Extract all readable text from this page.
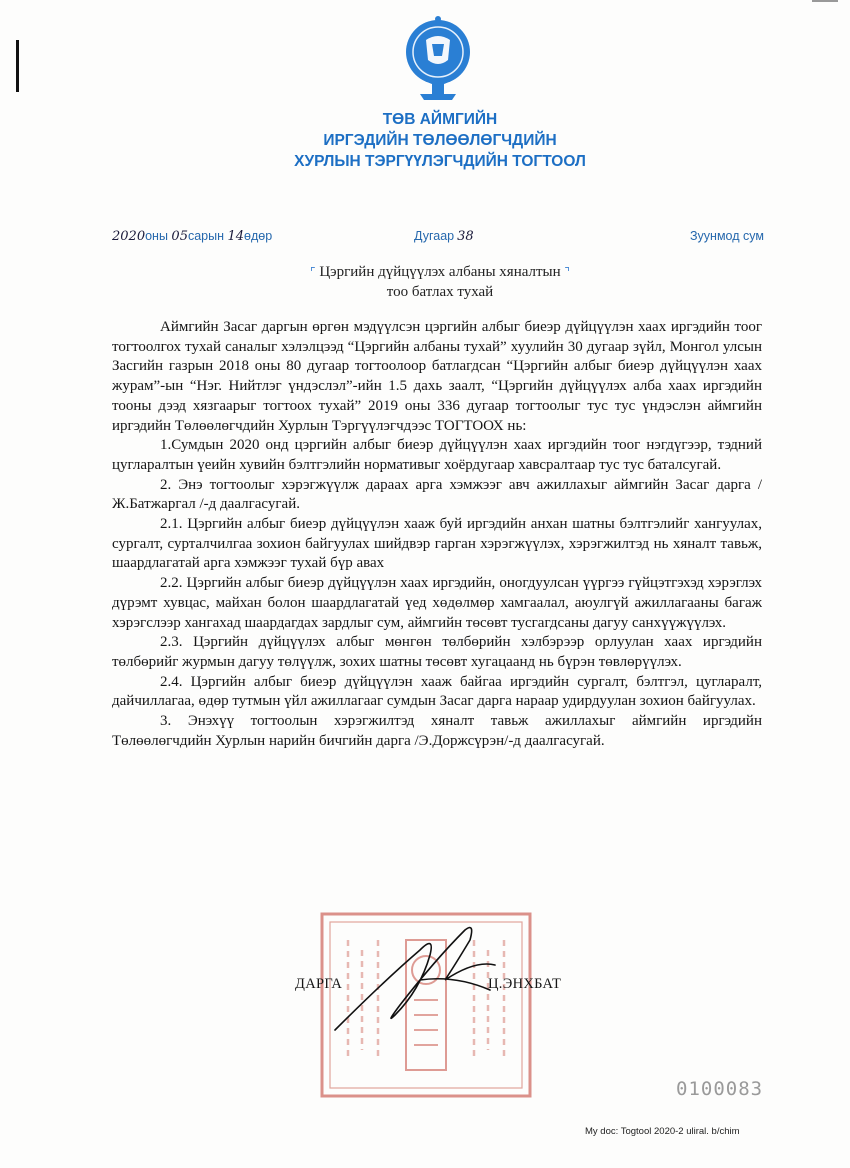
ТӨВ АЙМГИЙН
ИРГЭДИЙН ТӨЛӨӨЛӨГЧДИЙН
ХУРЛЫН ТЭРГҮҮЛЭГЧДИЙН ТОГТООЛ
2020оны 05сарын 14өдөр	Дугаар 38	Зуунмод сум
⌜ Цэргийн дүйцүүлэх албаны хяналтын ⌝
тоо батлах тухай

Аймгийн Засаг даргын өргөн мэдүүлсэн цэргийн албыг биеэр дүйцүүлэн хаах иргэдийн тоог тогтоолгох тухай саналыг хэлэлцээд “Цэргийн албаны тухай” хуулийн 30 дугаар зүйл, Монгол улсын Засгийн газрын 2018 оны 80 дугаар тогтоолоор батлагдсан “Цэргийн албыг биеэр дүйцүүлэн хаах журам”-ын “Нэг. Нийтлэг үндэслэл”-ийн 1.5 дахь заалт, “Цэргийн дүйцүүлэх алба хаах иргэдийн тооны дээд хязгаарыг тогтоох тухай” 2019 оны 336 дугаар тогтоолыг тус тус үндэслэн аймгийн иргэдийн Төлөөлөгчдийн Хурлын Тэргүүлэгчдээс ТОГТООХ нь:

1.Сумдын 2020 онд цэргийн албыг биеэр дүйцүүлэн хаах иргэдийн тоог нэгдүгээр, тэдний цугларалтын үеийн хувийн бэлтгэлийн нормативыг хоёрдугаар хавсралтаар тус тус баталсугай.

2. Энэ тогтоолыг хэрэгжүүлж дараах арга хэмжээг авч ажиллахыг аймгийн Засаг дарга /Ж.Батжаргал /-д даалгасугай.

2.1. Цэргийн албыг биеэр дүйцүүлэн хааж буй иргэдийн анхан шатны бэлтгэлийг хангуулах, сургалт, сурталчилгаа зохион байгуулах шийдвэр гарган хэрэгжүүлэх, хэрэгжилтэд нь хяналт тавьж, шаардлагатай арга хэмжээг тухай бүр авах

2.2. Цэргийн албыг биеэр дүйцүүлэн хаах иргэдийн, оногдуулсан үүргээ гүйцэтгэхэд хэрэглэх дүрэмт хувцас, майхан болон шаардлагатай үед хөдөлмөр хамгаалал, аюулгүй ажиллагааны багаж хэрэгслээр хангахад шаардагдах зардлыг сум, аймгийн төсөвт тусгагдсаны дагуу санхүүжүүлэх.

2.3. Цэргийн дүйцүүлэх албыг мөнгөн төлбөрийн хэлбэрээр орлуулан хаах иргэдийн төлбөрийг журмын дагуу төлүүлж, зохих шатны төсөвт хугацаанд нь бүрэн төвлөрүүлэх.

2.4. Цэргийн албыг биеэр дүйцүүлэн хааж байгаа иргэдийн сургалт, бэлтгэл, цугларалт, дайчиллагаа, өдөр тутмын үйл ажиллагааг сумдын Засаг дарга нараар удирдуулан зохион байгуулах.

3. Энэхүү тогтоолын хэрэгжилтэд хяналт тавьж ажиллахыг аймгийн иргэдийн Төлөөлөгчдийн Хурлын нарийн бичгийн дарга /Э.Доржсүрэн/-д даалгасугай.

ДАРГА	Ц.ЭНХБАТ
0100083
My doc: Togtool 2020-2 uliral. b/chim
